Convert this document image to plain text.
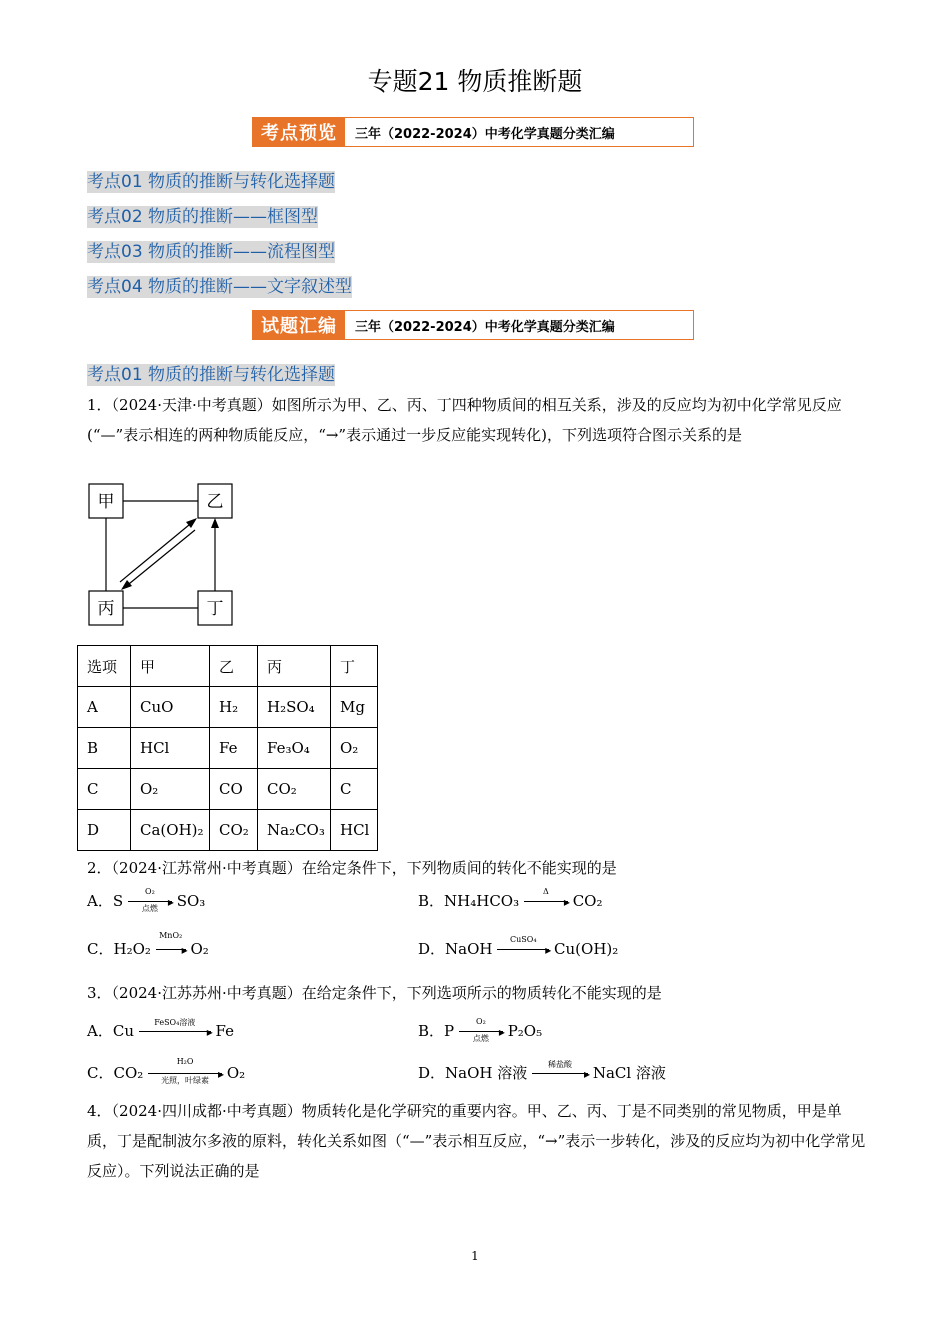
专题21 物质推断题
考点预览	三年（2022-2024）中考化学真题分类汇编
考点01 物质的推断与转化选择题
考点02 物质的推断——框图型
考点03 物质的推断——流程图型
考点04 物质的推断——文字叙述型
试题汇编	三年（2022-2024）中考化学真题分类汇编
考点01 物质的推断与转化选择题
1．（2024·天津·中考真题）如图所示为甲、乙、丙、丁四种物质间的相互关系，涉及的反应均为初中化学常见反应(“—”表示相连的两种物质能反应，“→”表示通过一步反应能实现转化)，下列选项符合图示关系的是
甲	乙
丙	丁
选项	甲	乙	丙	丁
A	CuO	H₂	H₂SO₄	Mg
B	HCl	Fe	Fe₃O₄	O₂
C	O₂	CO	CO₂	C
D	Ca(OH)₂	CO₂	Na₂CO₃	HCl
2．（2024·江苏常州·中考真题）在给定条件下，下列物质间的转化不能实现的是
A．S
O₂
▸
点燃	SO₃	B．NH₄HCO₃
Δ
▸ CO₂
C．H₂O₂
MnO₂
▸ O₂	D．NaOH
CuSO₄
▸ Cu(OH)₂
3．（2024·江苏苏州·中考真题）在给定条件下，下列选项所示的物质转化不能实现的是
A．Cu	FeSO₄溶液
▸ Fe	B．P
O₂
▸
点燃	P₂O₅
C．CO₂
H₂O
▸
光照，叶绿素	O₂	D．NaOH 溶液	稀盐酸
▸ NaCl 溶液
4．（2024·四川成都·中考真题）物质转化是化学研究的重要内容。甲、乙、丙、丁是不同类别的常见物质，甲是单质，丁是配制波尔多液的原料，转化关系如图（“—”表示相互反应，“→”表示一步转化，涉及的反应均为初中化学常见反应）。下列说法正确的是
1
